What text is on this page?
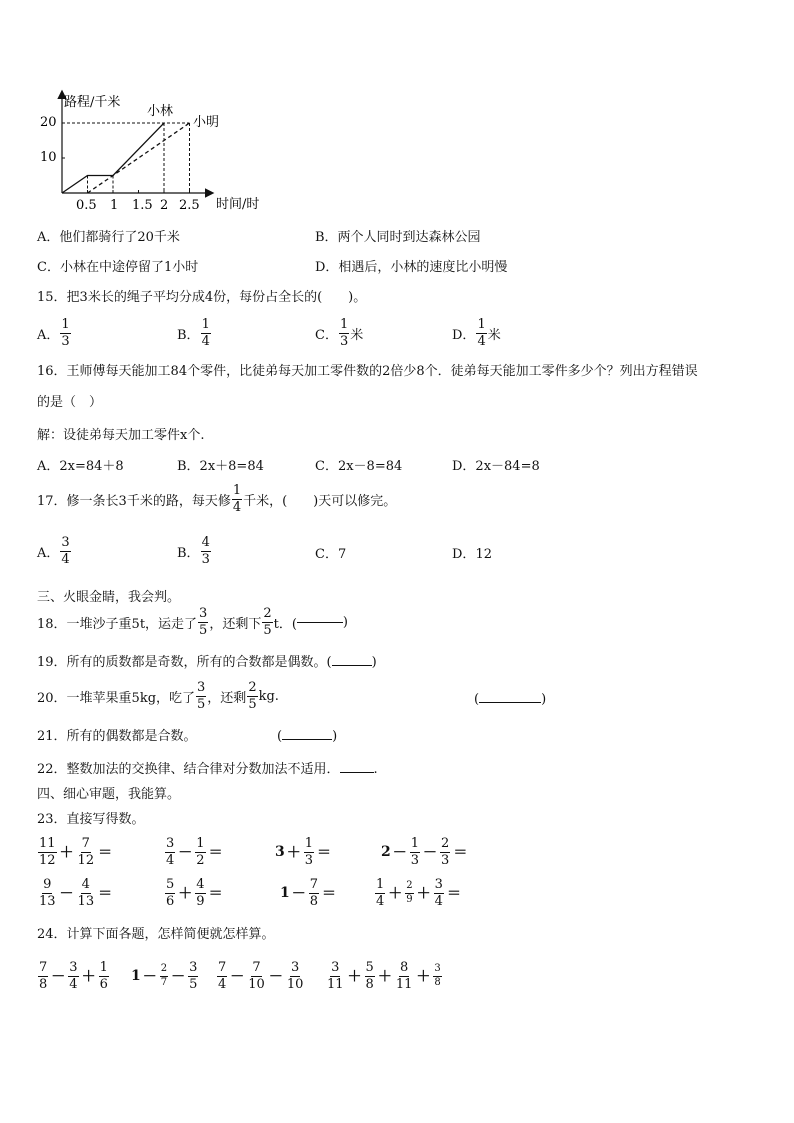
路程/千米
时间/时
小林
小明
20
10
0.5 1 1.5 2 2.5
A．他们都骑行了20千米	B．两个人同时到达森林公园
C．小林在中途停留了1小时	D．相遇后，小林的速度比小明慢
15．把3米长的绳子平均分成4份，每份占全长的(　　)。
A． $\frac{1}{3}$	B． $\frac{1}{4}$	C． $\frac{1}{3}$ 米	D． $\frac{1}{4}$ 米
16．王师傅每天能加工84个零件，比徒弟每天加工零件数的2倍少8个．徒弟每天能加工零件多少个？列出方程错误
的是（　）
解：设徒弟每天加工零件x个.
A．2x=84＋8	B．2x＋8=84	C．2x－8=84	D．2x－84=8
17．修一条长3千米的路，每天修 $\frac{1}{4}$ 千米，(　　)天可以修完。
A． $\frac{3}{4}$	B． $\frac{4}{3}$	C．7	D．12
三、火眼金睛，我会判。
18．一堆沙子重5t，运走了 $\frac{3}{5}$ ，还剩下 $\frac{2}{5}$ t．(	)
19．所有的质数都是奇数，所有的合数都是偶数。(	)
20．一堆苹果重5kg，吃了 $\frac{3}{5}$ ，还剩 $\frac{2}{5}$ kg.	(	)
21．所有的偶数都是合数。	(	)
22．整数加法的交换律、结合律对分数加法不适用．	.
四、细心审题，我能算。
23．直接写得数。
$\frac{11}{12} + \frac{7}{12}$ ＝	$\frac{3}{4} - \frac{1}{2}$ ＝	$3 + \frac{1}{3}$ ＝	$2 - \frac{1}{3} - \frac{2}{3}$ ＝
$\frac{9}{13} - \frac{4}{13}$ ＝	$\frac{5}{6} + \frac{4}{9}$ ＝	$1 - \frac{7}{8}$ ＝	$\frac{1}{4} + \frac{2}{9} + \frac{3}{4}$ ＝
24．计算下面各题，怎样简便就怎样算。
$\frac{7}{8} - \frac{3}{4} + \frac{1}{6} 1 - \frac{2}{7} - \frac{3}{5} \frac{7}{4} - \frac{7}{10} - \frac{3}{10} \frac{3}{11} + \frac{5}{8} + \frac{8}{11} + \frac{3}{8}$
